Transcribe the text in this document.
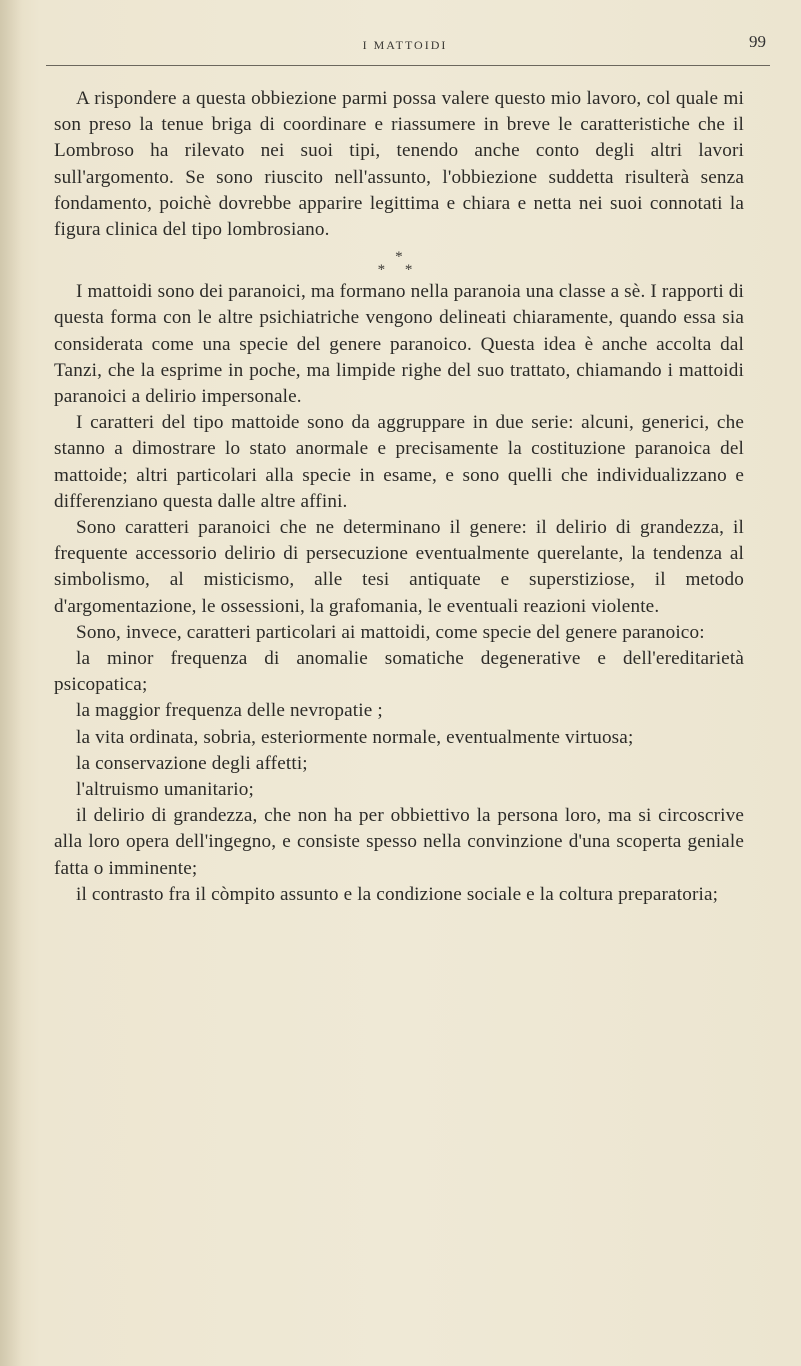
I MATTOIDI	99

A rispondere a questa obbiezione parmi possa valere questo mio lavoro, col quale mi son preso la tenue briga di coordinare e riassumere in breve le caratteristiche che il Lombroso ha rilevato nei suoi tipi, tenendo anche conto degli altri lavori sull'argomento. Se sono riuscito nell'assunto, l'obbiezione suddetta risulterà senza fondamento, poichè dovrebbe apparire legittima e chiara e netta nei suoi connotati la figura clinica del tipo lombrosiano.

*
* *

I mattoidi sono dei paranoici, ma formano nella paranoia una classe a sè. I rapporti di questa forma con le altre psichiatriche vengono delineati chiaramente, quando essa sia considerata come una specie del genere paranoico. Questa idea è anche accolta dal Tanzi, che la esprime in poche, ma limpide righe del suo trattato, chiamando i mattoidi paranoici a delirio impersonale.

I caratteri del tipo mattoide sono da aggruppare in due serie: alcuni, generici, che stanno a dimostrare lo stato anormale e precisamente la costituzione paranoica del mattoide; altri particolari alla specie in esame, e sono quelli che individualizzano e differenziano questa dalle altre affini.

Sono caratteri paranoici che ne determinano il genere: il delirio di grandezza, il frequente accessorio delirio di persecuzione eventualmente querelante, la tendenza al simbolismo, al misticismo, alle tesi antiquate e superstiziose, il metodo d'argomentazione, le ossessioni, la grafomania, le eventuali reazioni violente.

Sono, invece, caratteri particolari ai mattoidi, come specie del genere paranoico:

la minor frequenza di anomalie somatiche degenerative e dell'ereditarietà psicopatica;

la maggior frequenza delle nevropatie ;

la vita ordinata, sobria, esteriormente normale, eventualmente virtuosa;

la conservazione degli affetti;

l'altruismo umanitario;

il delirio di grandezza, che non ha per obbiettivo la persona loro, ma si circoscrive alla loro opera dell'ingegno, e consiste spesso nella convinzione d'una scoperta geniale fatta o imminente;

il contrasto fra il còmpito assunto e la condizione sociale e la coltura preparatoria;
